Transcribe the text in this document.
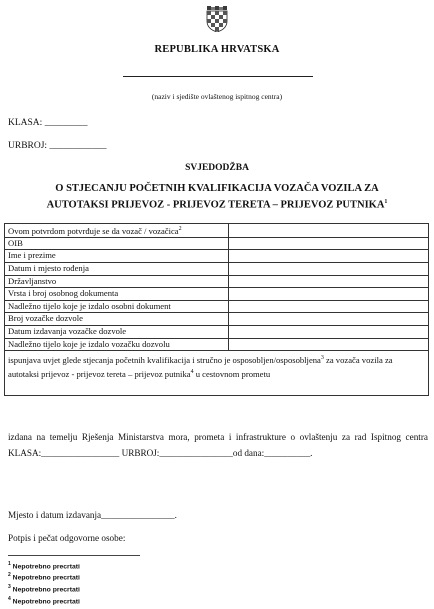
REPUBLIKA HRVATSKA
(naziv i sjedište ovlaštenog ispitnog centra)
KLASA: _________
URBROJ: ____________
SVJEDODŽBA
O STJECANJU POČETNIH KVALIFIKACIJA VOZAČA VOZILA ZA
AUTOTAKSI PRIJEVOZ - PRIJEVOZ TERETA – PRIJEVOZ PUTNIKA$^1$
Ovom potvrdom potvrđuje se da vozač / vozačica$^2$	
OIB	
Ime i prezime	
Datum i mjesto rođenja	
Državljanstvo	
Vrsta i broj osobnog dokumenta	
Nadležno tijelo koje je izdalo osobni dokument	
Broj vozačke dozvole	
Datum izdavanja vozačke dozvole	
Nadležno tijelo koje je izdalo vozačku dozvolu	
ispunjava uvjet glede stjecanja početnih kvalifikacija i stručno je osposobljen/osposobljena$^3$ za vozača vozila za autotaksi prijevoz - prijevoz tereta – prijevoz putnika$^4$ u cestovnom prometu	
izdana na temelju Rješenja Ministarstva mora, prometa i infrastrukture o ovlaštenju za rad Ispitnog centra KLASA:_________________ URBROJ:________________od dana:__________.
Mjesto i datum izdavanja________________.
Potpis i pečat odgovorne osobe:
$^1$ Nepotrebno precrtati
$^2$ Nepotrebno precrtati
$^3$ Nepotrebno precrtati
$^4$ Nepotrebno precrtati
